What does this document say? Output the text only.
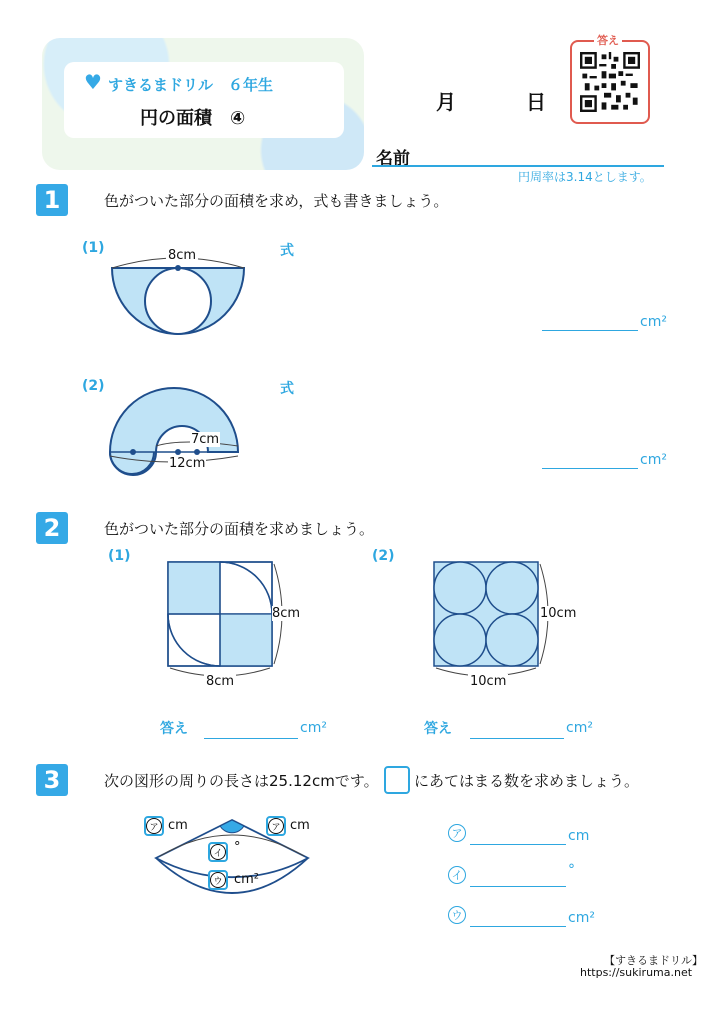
♥ すきるまドリル　６年生
円の面積　④
月	日
答え
名前
円周率は3.14とします。
1	色がついた部分の面積を求め，式も書きましょう。
(1)	式
8cm
cm²
(2)	式
7cm
12cm	cm²
2	色がついた部分の面積を求めましょう。
(1)
8cm
8cm
答え	cm²
(2)
10cm
10cm
答え	cm²
3	次の図形の周りの長さは25.12cmです。 にあてはまる数を求めましょう。
ア cm	ア cm
イ °
ウ cm²
ア	cm
イ	°
ウ	cm²
【すきるまドリル】
https://sukiruma.net
